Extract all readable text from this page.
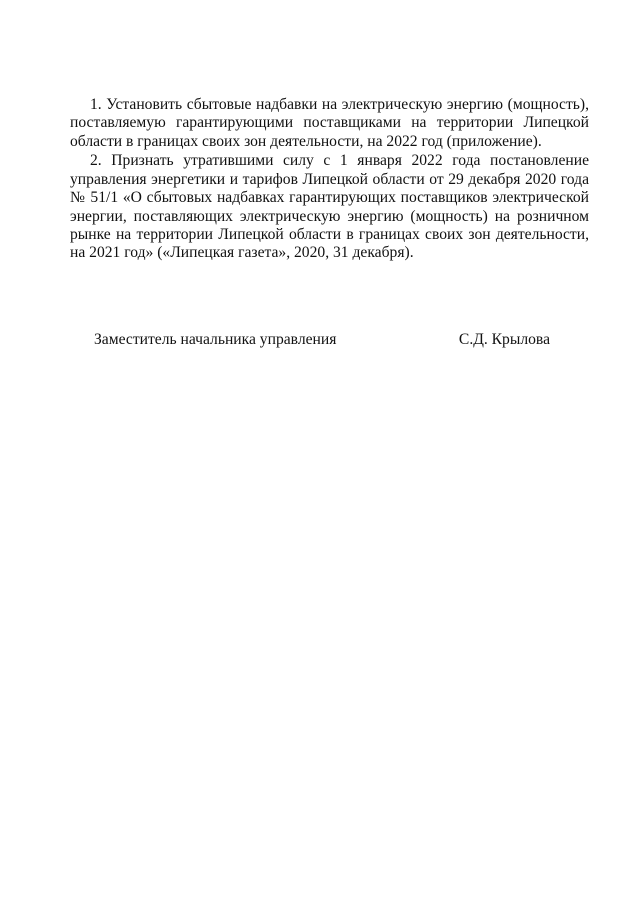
1. Установить сбытовые надбавки на электрическую энергию (мощность), поставляемую гарантирующими поставщиками на территории Липецкой области в границах своих зон деятельности, на 2022 год (приложение).

2. Признать утратившими силу с 1 января 2022 года постановление управления энергетики и тарифов Липецкой области от 29 декабря 2020 года № 51/1 «О сбытовых надбавках гарантирующих поставщиков электрической энергии, поставляющих электрическую энергию (мощность) на розничном рынке на территории Липецкой области в границах своих зон деятельности, на 2021 год» («Липецкая газета», 2020, 31 декабря).

Заместитель начальника управления	С.Д. Крылова
